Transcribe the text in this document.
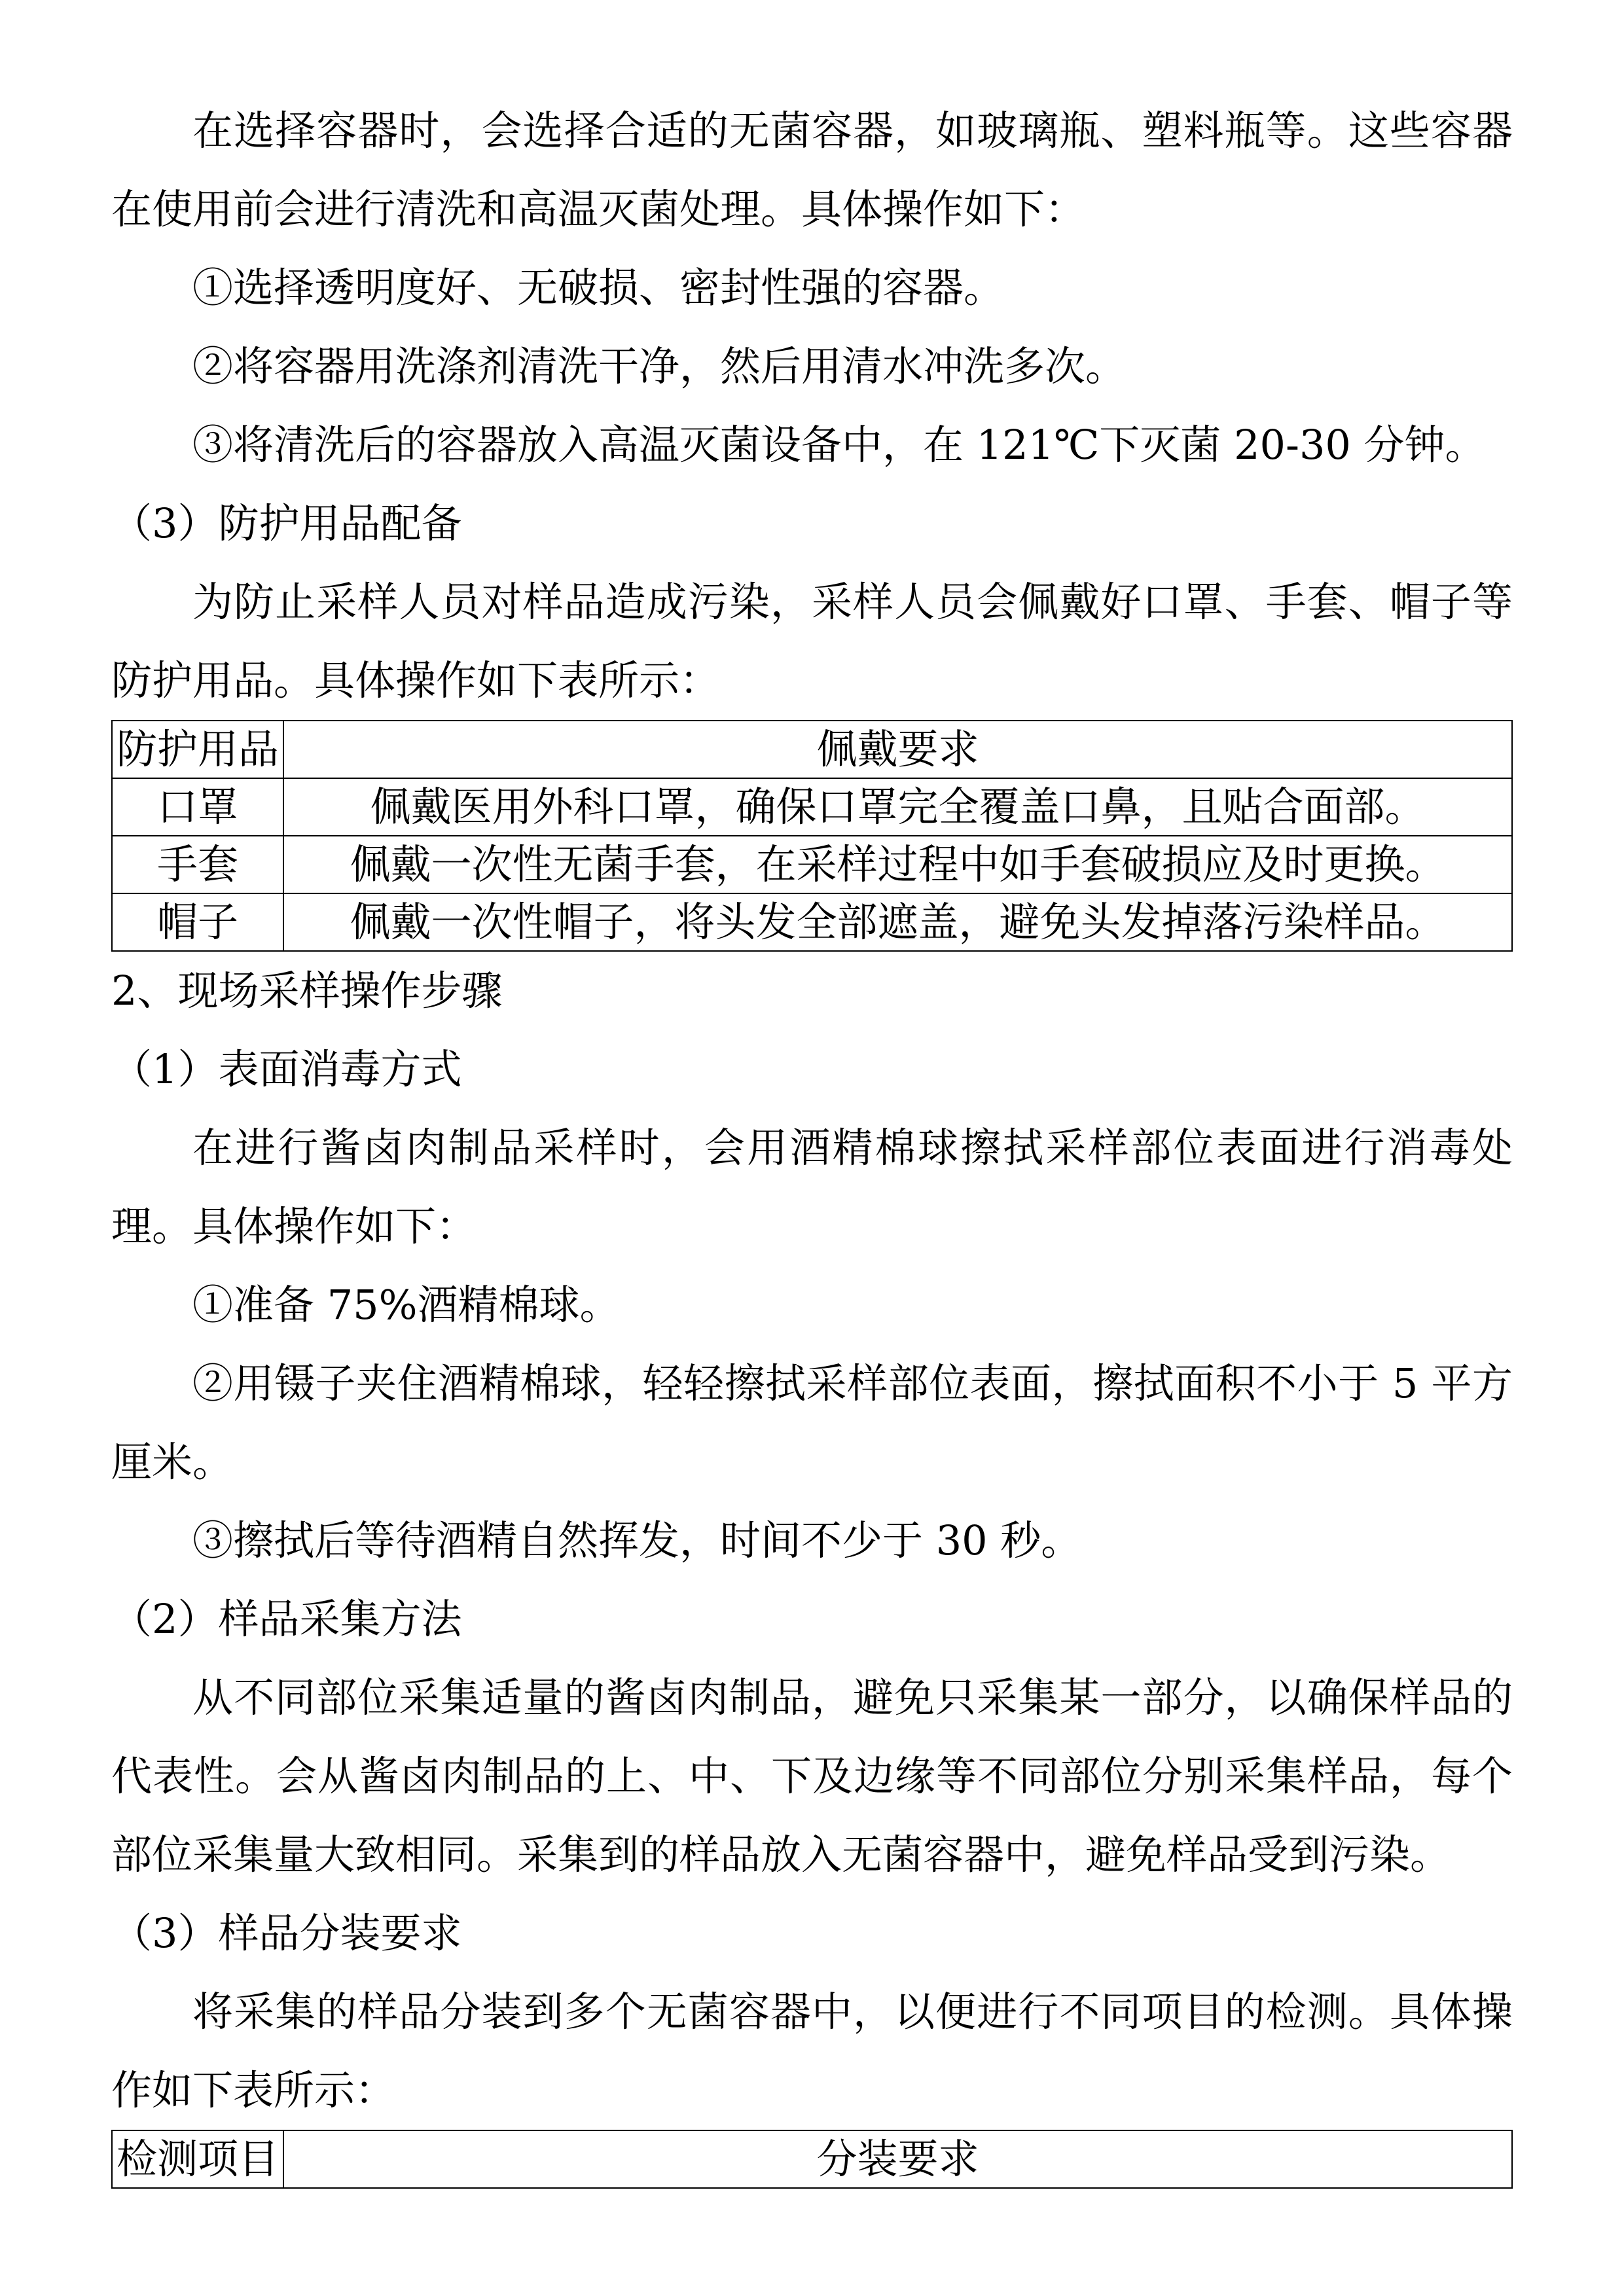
在选择容器时，会选择合适的无菌容器，如玻璃瓶、塑料瓶等。这些容器在使用前会进行清洗和高温灭菌处理。具体操作如下：

①选择透明度好、无破损、密封性强的容器。

②将容器用洗涤剂清洗干净，然后用清水冲洗多次。

③将清洗后的容器放入高温灭菌设备中，在 121℃下灭菌 20-30 分钟。

（3）防护用品配备

为防止采样人员对样品造成污染，采样人员会佩戴好口罩、手套、帽子等防护用品。具体操作如下表所示：

防护用品	佩戴要求
口罩	佩戴医用外科口罩，确保口罩完全覆盖口鼻，且贴合面部。
手套	佩戴一次性无菌手套，在采样过程中如手套破损应及时更换。
帽子	佩戴一次性帽子，将头发全部遮盖，避免头发掉落污染样品。

2、现场采样操作步骤

（1）表面消毒方式

在进行酱卤肉制品采样时，会用酒精棉球擦拭采样部位表面进行消毒处理。具体操作如下：

①准备 75%酒精棉球。

②用镊子夹住酒精棉球，轻轻擦拭采样部位表面，擦拭面积不小于 5 平方厘米。

③擦拭后等待酒精自然挥发，时间不少于 30 秒。

（2）样品采集方法

从不同部位采集适量的酱卤肉制品，避免只采集某一部分，以确保样品的代表性。会从酱卤肉制品的上、中、下及边缘等不同部位分别采集样品，每个部位采集量大致相同。采集到的样品放入无菌容器中，避免样品受到污染。

（3）样品分装要求

将采集的样品分装到多个无菌容器中，以便进行不同项目的检测。具体操作如下表所示：

检测项目	分装要求
